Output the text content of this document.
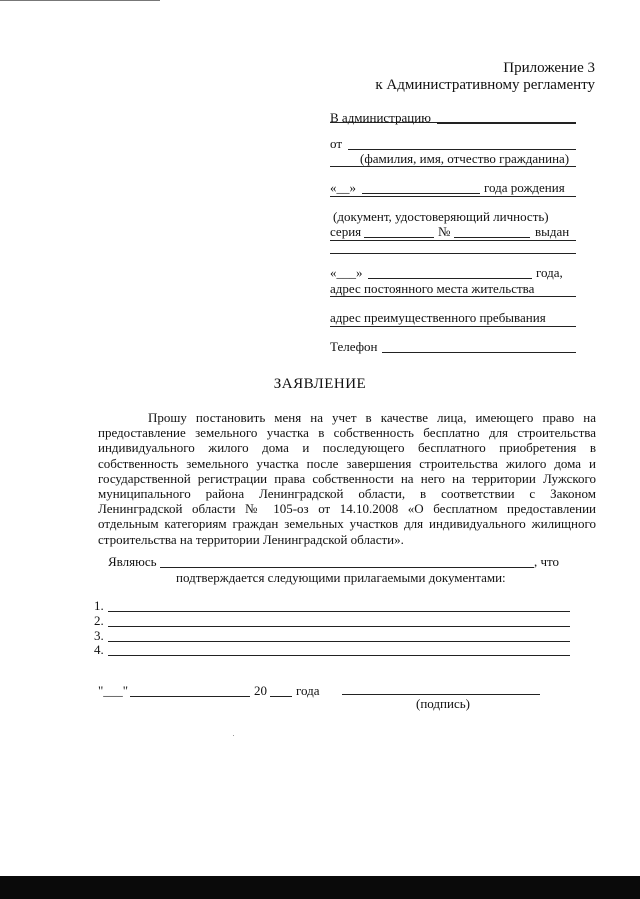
Приложение 3
к Административному регламенту
В администрацию
от
(фамилия, имя, отчество гражданина)
«__»	года рождения
(документ, удостоверяющий личность)
серия	№	выдан
«___»	года,
адрес постоянного места жительства
адрес преимущественного пребывания
Телефон
ЗАЯВЛЕНИЕ
Прошу постановить меня на учет в качестве лица, имеющего право на предоставление земельного участка в собственность бесплатно для строительства индивидуального жилого дома и последующего бесплатного приобретения в собственность земельного участка после завершения строительства жилого дома и государственной регистрации права собственности на него на территории Лужского муниципального района Ленинградской области, в соответствии с Законом Ленинградской области № 105-оз от 14.10.2008 «О бесплатном предоставлении отдельным категориям граждан земельных участков для индивидуального жилищного строительства на территории Ленинградской области».
Являюсь	, что
подтверждается следующими прилагаемыми документами:
1.
2.
3.
4.
"___"	20 года
(подпись)
